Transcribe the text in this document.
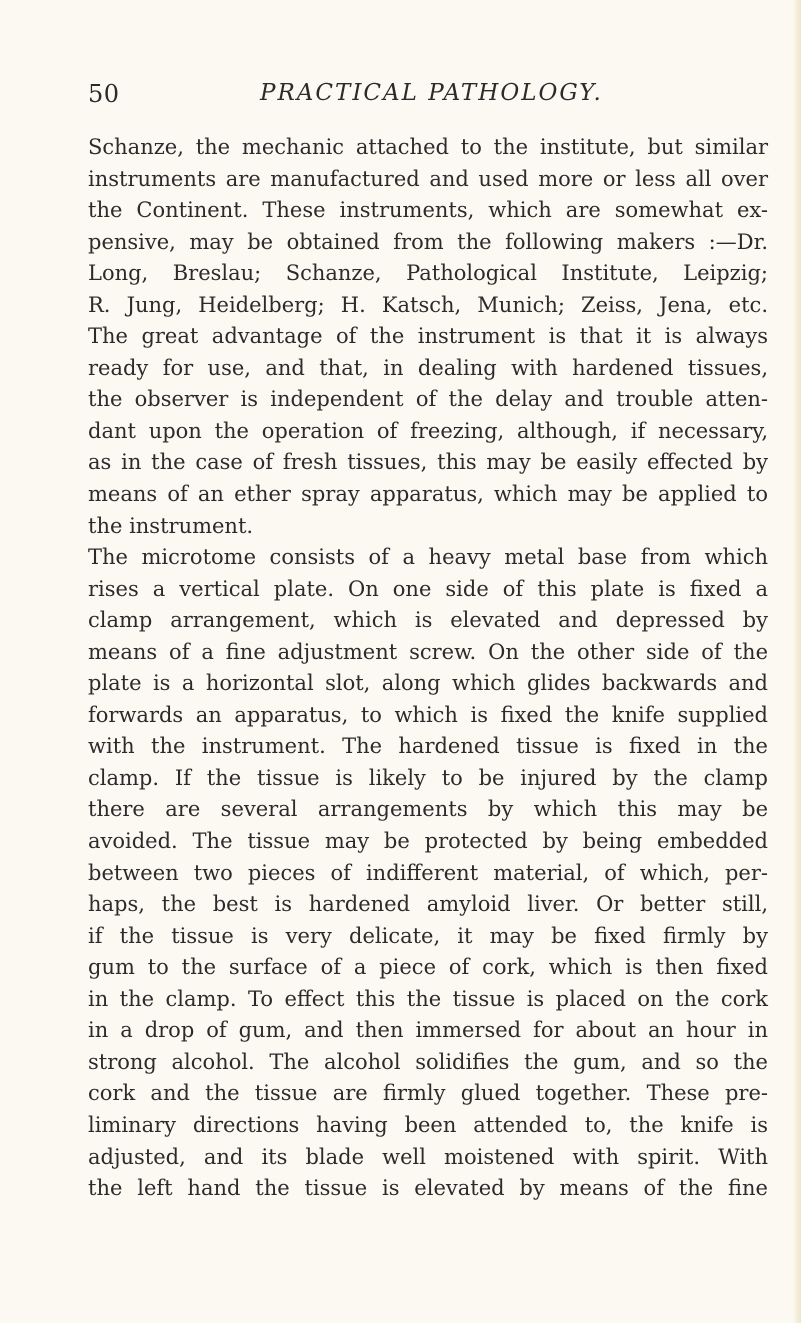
50	PRACTICAL PATHOLOGY.
Schanze, the mechanic attached to the institute, but similar
instruments are manufactured and used more or less all over
the Continent. These instruments, which are somewhat ex-
pensive, may be obtained from the following makers :—Dr.
Long, Breslau; Schanze, Pathological Institute, Leipzig;
R. Jung, Heidelberg; H. Katsch, Munich; Zeiss, Jena, etc.
The great advantage of the instrument is that it is always
ready for use, and that, in dealing with hardened tissues,
the observer is independent of the delay and trouble atten-
dant upon the operation of freezing, although, if necessary,
as in the case of fresh tissues, this may be easily effected by
means of an ether spray apparatus, which may be applied to
the instrument.
The microtome consists of a heavy metal base from which
rises a vertical plate. On one side of this plate is fixed a
clamp arrangement, which is elevated and depressed by
means of a fine adjustment screw. On the other side of the
plate is a horizontal slot, along which glides backwards and
forwards an apparatus, to which is fixed the knife supplied
with the instrument. The hardened tissue is fixed in the
clamp. If the tissue is likely to be injured by the clamp
there are several arrangements by which this may be
avoided. The tissue may be protected by being embedded
between two pieces of indifferent material, of which, per-
haps, the best is hardened amyloid liver. Or better still,
if the tissue is very delicate, it may be fixed firmly by
gum to the surface of a piece of cork, which is then fixed
in the clamp. To effect this the tissue is placed on the cork
in a drop of gum, and then immersed for about an hour in
strong alcohol. The alcohol solidifies the gum, and so the
cork and the tissue are firmly glued together. These pre-
liminary directions having been attended to, the knife is
adjusted, and its blade well moistened with spirit. With
the left hand the tissue is elevated by means of the fine
